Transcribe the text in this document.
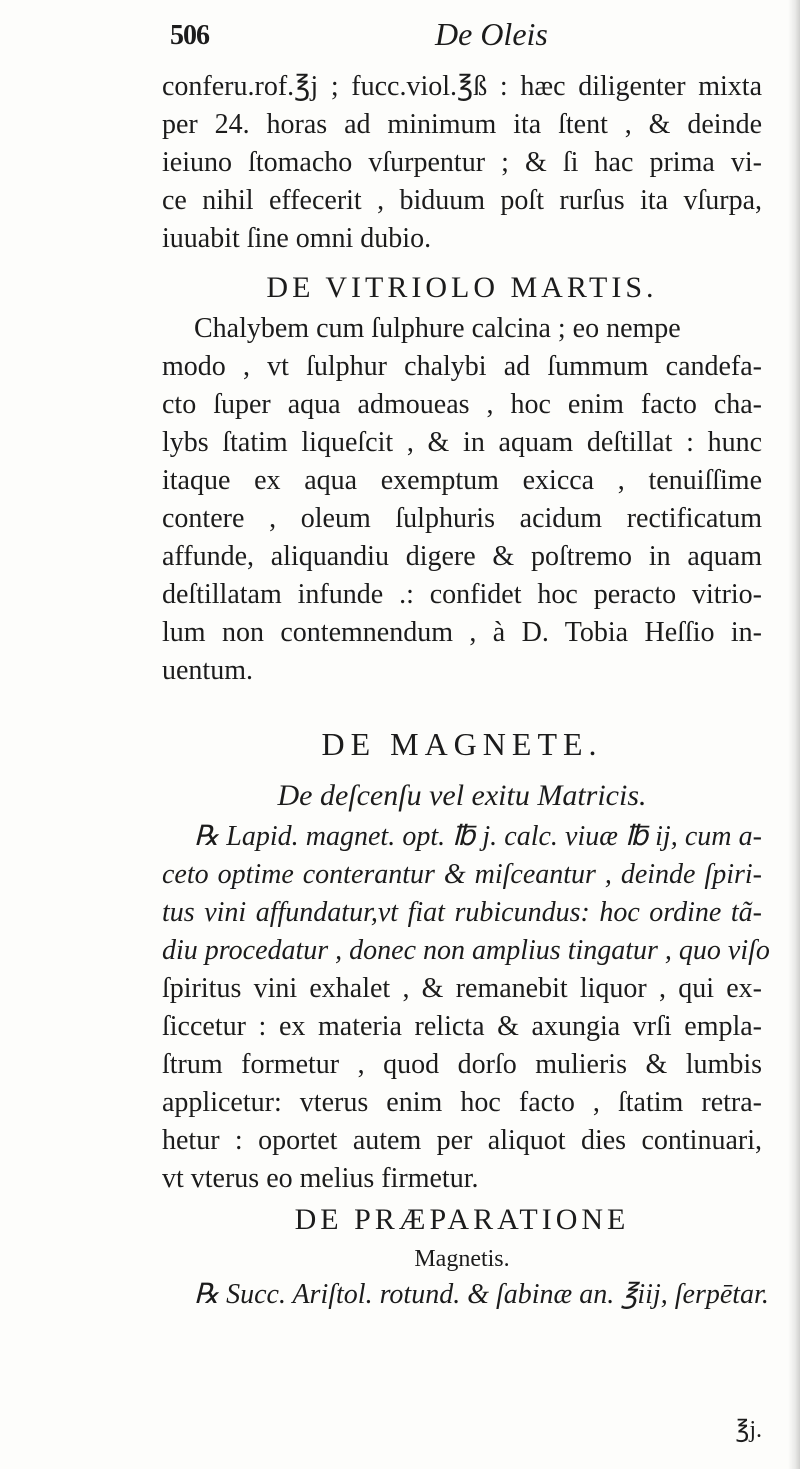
506	De Oleis
conferu.rof.℥j ; fucc.viol.℥ß : hæc diligenter mixta
per 24. horas ad minimum ita ſtent , & deinde
ieiuno ſtomacho vſurpentur ; & ſi hac prima vi-
ce nihil effecerit , biduum poſt rurſus ita vſurpa,
iuuabit ſine omni dubio.
DE VITRIOLO MARTIS.
Chalybem cum ſulphure calcina ; eo nempe
modo , vt ſulphur chalybi ad ſummum candefa-
cto ſuper aqua admoueas , hoc enim facto cha-
lybs ſtatim liqueſcit , & in aquam deſtillat : hunc
itaque ex aqua exemptum exicca , tenuiſſime
contere , oleum ſulphuris acidum rectificatum
affunde, aliquandiu digere & poſtremo in aquam
deſtillatam infunde .: confidet hoc peracto vitrio-
lum non contemnendum , à D. Tobia Heſſio in-
uentum.
DE MAGNETE.
De deſcenſu vel exitu Matricis.
℞ Lapid. magnet. opt. ℔ j. calc. viuæ ℔ ij, cum a-
ceto optime conterantur & miſceantur , deinde ſpiri-
tus vini affundatur,vt fiat rubicundus: hoc ordine tã-
diu procedatur , donec non amplius tingatur , quo viſo
ſpiritus vini exhalet , & remanebit liquor , qui ex-
ſiccetur : ex materia relicta & axungia vrſi empla-
ſtrum formetur , quod dorſo mulieris & lumbis
applicetur: vterus enim hoc facto , ſtatim retra-
hetur : oportet autem per aliquot dies continuari,
vt vterus eo melius firmetur.
DE PRÆPARATIONE
Magnetis.
℞ Succ. Ariſtol. rotund. & ſabinæ an. ℥iij, ſerpētar.
℥j.
